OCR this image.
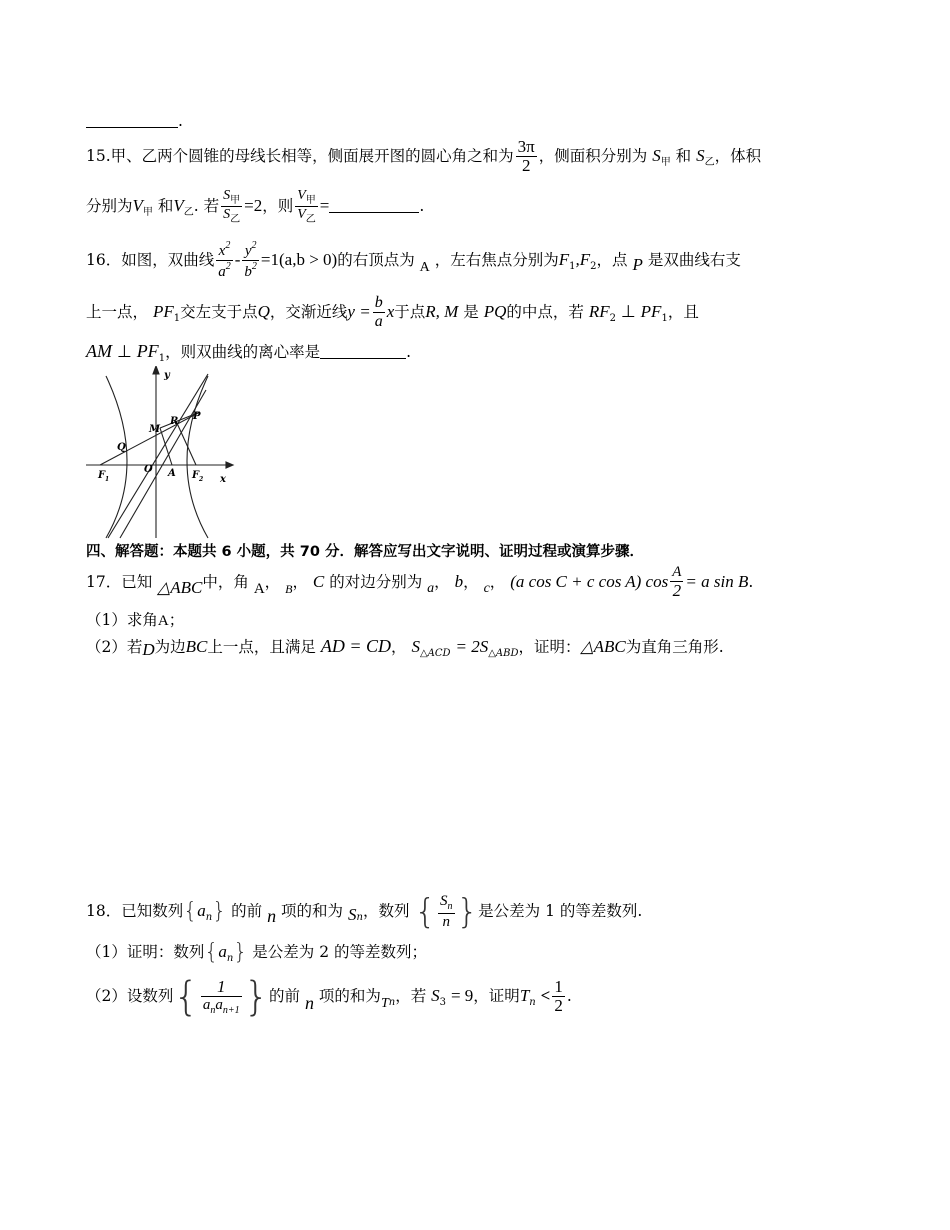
.
15.甲、乙两个圆锥的母线长相等，侧面展开图的圆心角之和为 $\frac{3\pi}{2}$ ，侧面积分别为 $S_甲$ 和 $S_乙$，体积
分别为$V_甲$ 和$V_乙$. 若 $\frac{S_甲}{S_乙} =2$，则 $\frac{V_甲}{V_乙}$ =	.
16．如图，双曲线 $\frac{x^2}{a^2} - \frac{y^2}{b^2} =1(a,b > 0)$的右顶点为 A ，左右焦点分别为$F_1,F_2$，点 P 是双曲线右支
上一点， $PF_1$交左支于点Q，交渐近线$y = \frac{b}{a}$ x于点R, M 是 PQ的中点，若 $RF_2$ ⊥ $PF_1$，且
AM ⊥ $PF_1$，则双曲线的离心率是	.
y
x
O A
F 1	F 2
M
R P
Q
四、解答题：本题共 6 小题，共 70 分．解答应写出文字说明、证明过程或演算步骤．
17．已知 △ABC中，角 A， $_B$， C 的对边分别为 a， b， c， (a cos C + c cos A) $\cos \frac{A}{2} = a$ sin B.
（1）求角A；
（2）若D为边BC上一点，且满足 AD = CD， $S_{\triangle ACD} = 2S_{\triangle ABD}$，证明：△ABC为直角三角形.
18．已知数列$\{a_n\}$ 的前 n 项的和为 $S_n$，数列 { $\frac{S_n}{n}$ }是公差为 1 的等差数列.
（1）证明：数列$\{a_n\}$ 是公差为 2 的等差数列；
（2）设数列{ $\frac{1}{a_na_{n+1}}$ }的前 n 项的和为$T_n$，若 $S_3 = 9$，证明$T_n < \frac{1}{2}$ .
